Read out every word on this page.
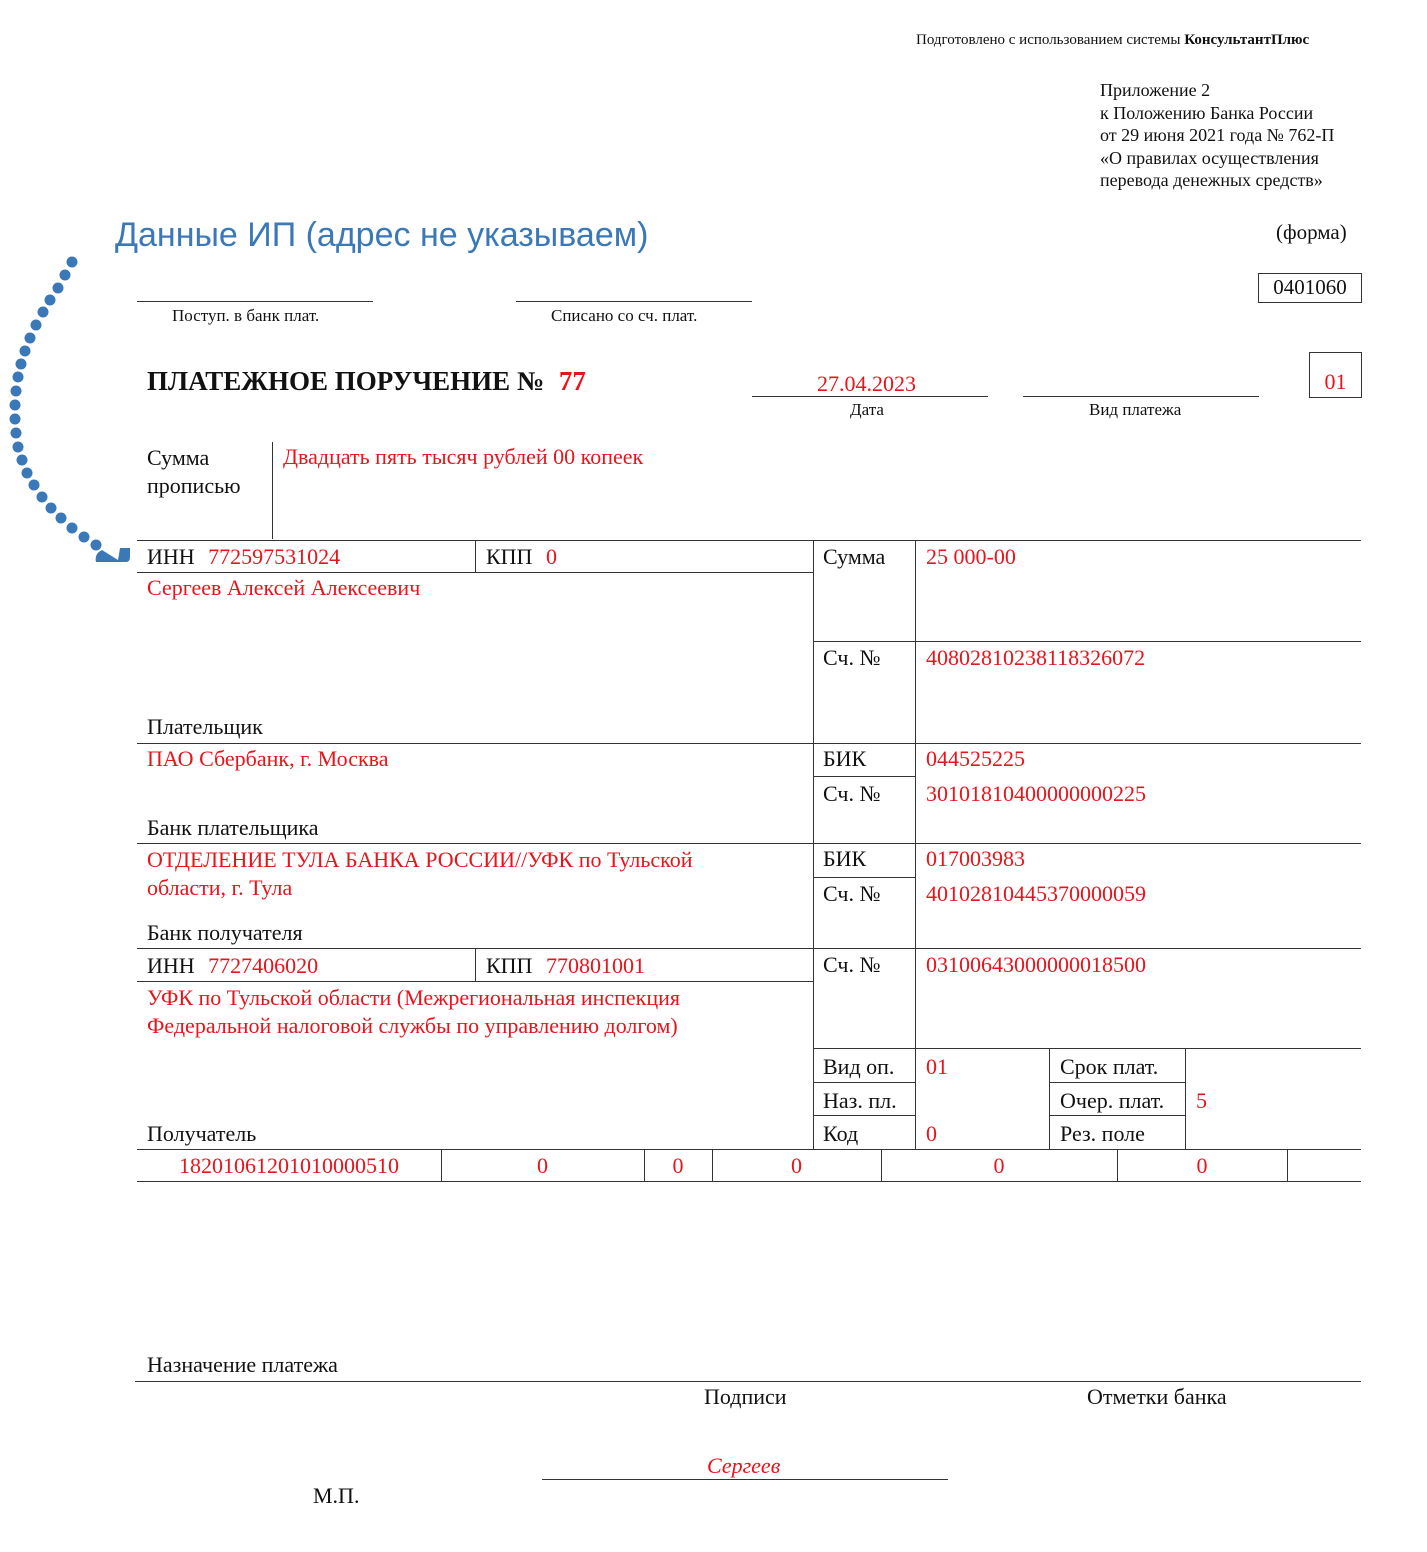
Подготовлено с использованием системы КонсультантПлюс
Приложение 2
к Положению Банка России
от 29 июня 2021 года № 762-П
«О правилах осуществления
перевода денежных средств»
(форма)
0401060
Данные ИП (адрес не указываем)
Поступ. в банк плат.	Списано со сч. плат.
ПЛАТЕЖНОЕ ПОРУЧЕНИЕ № 77	27.04.2023
Дата	Вид платежа
01
Сумма
прописью
Двадцать пять тысяч рублей 00 копеек
ИНН 772597531024	КПП 0
Сергеев Алексей Алексеевич
Плательщик
Сумма 25 000-00
Сч. № 40802810238118326072
ПАО Сбербанк, г. Москва
Банк плательщика
БИК	044525225
Сч. № 30101810400000000225
ОТДЕЛЕНИЕ ТУЛА БАНКА РОССИИ//УФК по Тульской
области, г. Тула
Банк получателя
БИК	017003983
Сч. № 40102810445370000059
ИНН 7727406020	КПП 770801001
УФК по Тульской области (Межрегиональная инспекция
Федеральной налоговой службы по управлению долгом)
Получатель
Сч. № 03100643000000018500
Вид оп. 01
Наз. пл.
Код	0
Срок плат.
Очер. плат. 5
Рез. поле
18201061201010000510	0	0	0	0	0
Назначение платежа
Подписи	Отметки банка
Сергеев
М.П.
